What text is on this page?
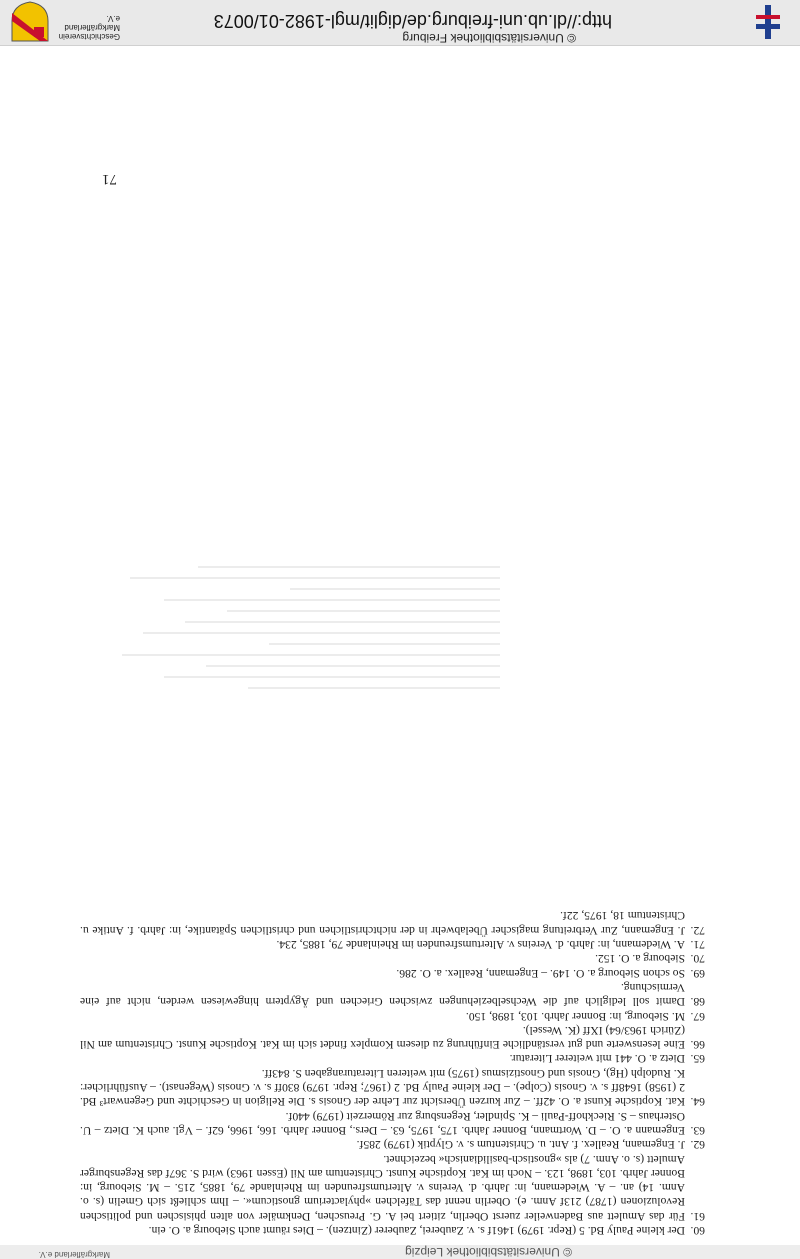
© Universitätsbibliothek Leipzig
Markgräflerland e.V.
60.
Der kleine Pauly Bd. 5 (Repr. 1979) 1461f s. v. Zauberei, Zauberer (Zintzen). – Dies räumt auch Siebourg a. O. ein.
61.
Für das Amulett aus Badenweiler zuerst Oberlin, zitiert bei A. G. Preuschen, Denkmäler von alten phisischen und politischen Revoluzionen (1787) 213f Anm. e). Oberlin nennt das Täfelchen »phylacterium gnosticum«. – Ihm schließt sich Gmelin (s. o. Anm. 14) an. – A. Wiedemann, in: Jahrb. d. Vereins v. Altertumsfreunden im Rheinlande 79, 1885, 215. – M. Siebourg, in: Bonner Jahrb. 103, 1898, 123. – Noch im Kat. Koptische Kunst. Christentum am Nil (Essen 1963) wird S. 367f das Regensburger Amulett (s. o. Anm. 7) als »gnostisch-basilidianisch« bezeichnet.
62.
J. Engemann, Reallex. f. Ant. u. Christentum s. v. Glyptik (1979) 285f.
63.
Engemann a. O. – D. Wortmann, Bonner Jahrb. 175, 1975, 63. – Ders., Bonner Jahrb. 166, 1966, 62f. – Vgl. auch K. Dietz – U. Osterhaus – S. Rieckhoff-Pauli – K. Spindler, Regensburg zur Römerzeit (1979) 440f.
64.
Kat. Koptische Kunst a. O. 42ff. – Zur kurzen Übersicht zur Lehre der Gnosis s. Die Religion in Geschichte und Gegenwart³ Bd. 2 (1958) 1648ff s. v. Gnosis (Colpe). – Der kleine Pauly Bd. 2 (1967; Repr. 1979) 830ff s. v. Gnosis (Wegenast). – Ausführlicher: K. Rudolph (Hg), Gnosis und Gnostizismus (1975) mit weiteren Literaturangaben S. 843ff.
65.
Dietz a. O. 441 mit weiterer Literatur.
66.
Eine lesenswerte und gut verständliche Einführung zu diesem Komplex findet sich im Kat. Koptische Kunst. Christentum am Nil (Zürich 1963/64) IXff (K. Wessel).
67.
M. Siebourg, in: Bonner Jahrb. 103, 1898, 150.
68.
Damit soll lediglich auf die Wechselbeziehungen zwischen Griechen und Ägyptern hingewiesen werden, nicht auf eine Vermischung.
69.
So schon Siebourg a. O. 149. – Engemann, Reallex. a. O. 286.
70.
Siebourg a. O. 152.
71.
A. Wiedemann, in: Jahrb. d. Vereins v. Altertumsfreunden im Rheinlande 79, 1885, 234.
72.
J. Engemann, Zur Verbreitung magischer Übelabwehr in der nichtchristlichen und christlichen Spätantike, in: Jahrb. f. Antike u. Christentum 18, 1975, 22f.
71
© Universitätsbibliothek Freiburg
http://dl.ub.uni-freiburg.de/diglit/mgl-1982-01/0073
Geschichtsverein
Markgräflerland e.V.
